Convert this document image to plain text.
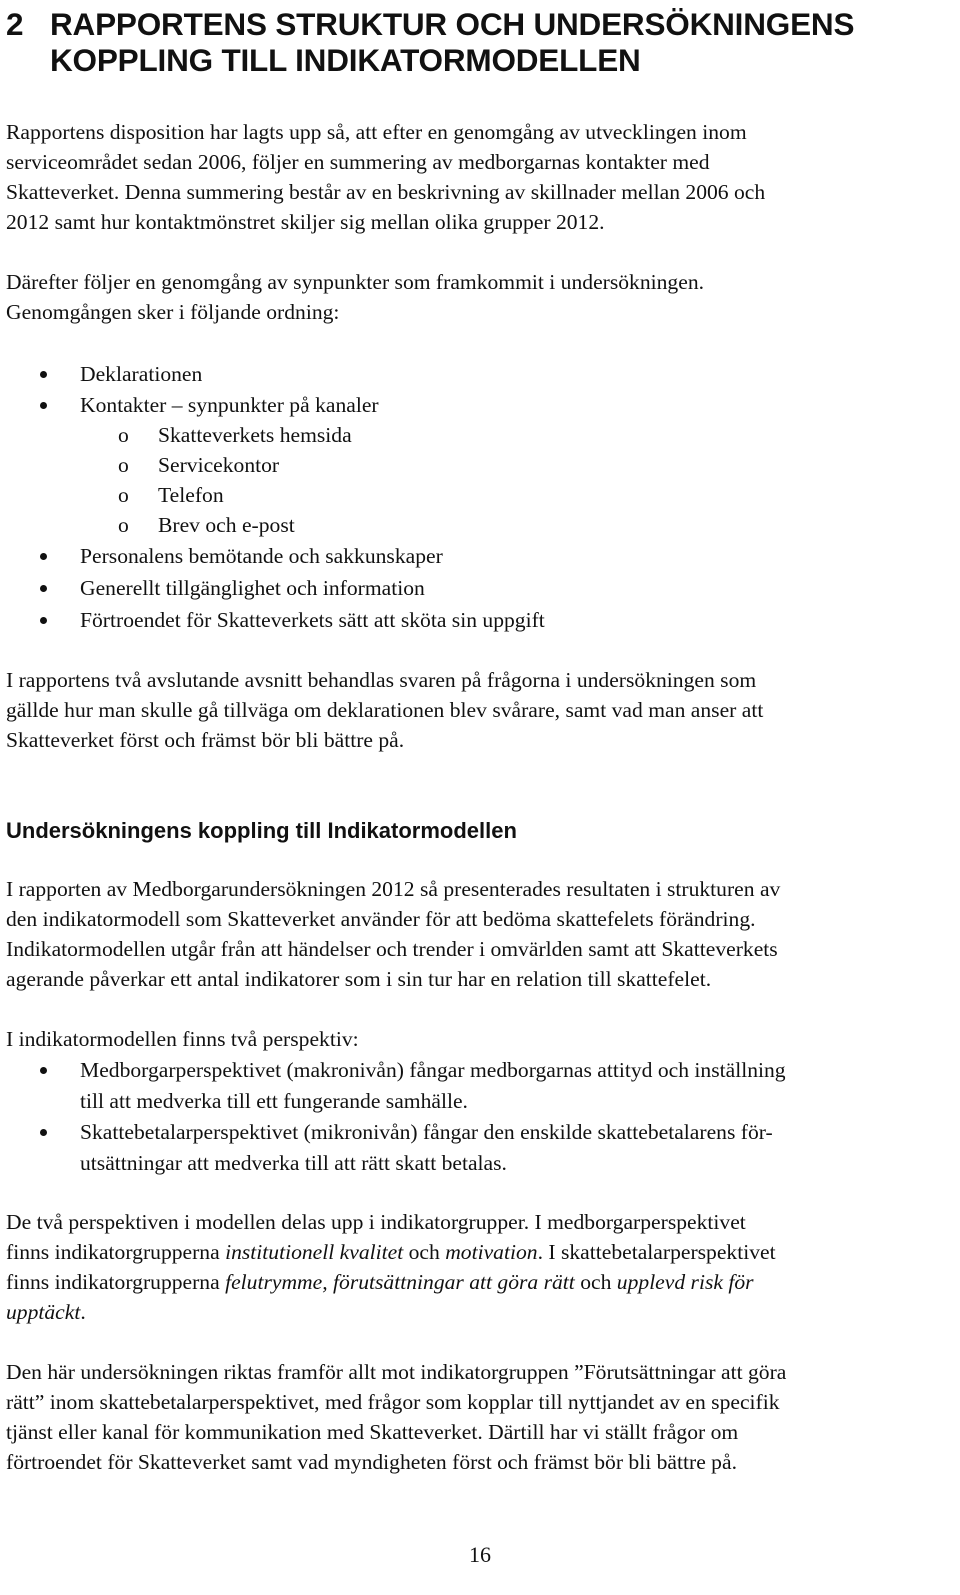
2 RAPPORTENS STRUKTUR OCH UNDERSÖKNINGENS
KOPPLING TILL INDIKATORMODELLEN

Rapportens disposition har lagts upp så, att efter en genomgång av utvecklingen inom
serviceområdet sedan 2006, följer en summering av medborgarnas kontakter med
Skatteverket. Denna summering består av en beskrivning av skillnader mellan 2006 och
2012 samt hur kontaktmönstret skiljer sig mellan olika grupper 2012.

Därefter följer en genomgång av synpunkter som framkommit i undersökningen.
Genomgången sker i följande ordning:

Deklarationen
Kontakter – synpunkter på kanaler
o Skatteverkets hemsida
o Servicekontor
o Telefon
o Brev och e-post
Personalens bemötande och sakkunskaper
Generellt tillgänglighet och information
Förtroendet för Skatteverkets sätt att sköta sin uppgift

I rapportens två avslutande avsnitt behandlas svaren på frågorna i undersökningen som
gällde hur man skulle gå tillväga om deklarationen blev svårare, samt vad man anser att
Skatteverket först och främst bör bli bättre på.

Undersökningens koppling till Indikatormodellen

I rapporten av Medborgarundersökningen 2012 så presenterades resultaten i strukturen av
den indikatormodell som Skatteverket använder för att bedöma skattefelets förändring.
Indikatormodellen utgår från att händelser och trender i omvärlden samt att Skatteverkets
agerande påverkar ett antal indikatorer som i sin tur har en relation till skattefelet.

I indikatormodellen finns två perspektiv:

Medborgarperspektivet (makronivån) fångar medborgarnas attityd och inställning
till att medverka till ett fungerande samhälle.
Skattebetalarperspektivet (mikronivån) fångar den enskilde skattebetalarens för-
utsättningar att medverka till att rätt skatt betalas.

De två perspektiven i modellen delas upp i indikatorgrupper. I medborgarperspektivet
finns indikatorgrupperna institutionell kvalitet och motivation. I skattebetalarperspektivet
finns indikatorgrupperna felutrymme, förutsättningar att göra rätt och upplevd risk för
upptäckt.

Den här undersökningen riktas framför allt mot indikatorgruppen ”Förutsättningar att göra
rätt” inom skattebetalarperspektivet, med frågor som kopplar till nyttjandet av en specifik
tjänst eller kanal för kommunikation med Skatteverket. Därtill har vi ställt frågor om
förtroendet för Skatteverket samt vad myndigheten först och främst bör bli bättre på.

16
